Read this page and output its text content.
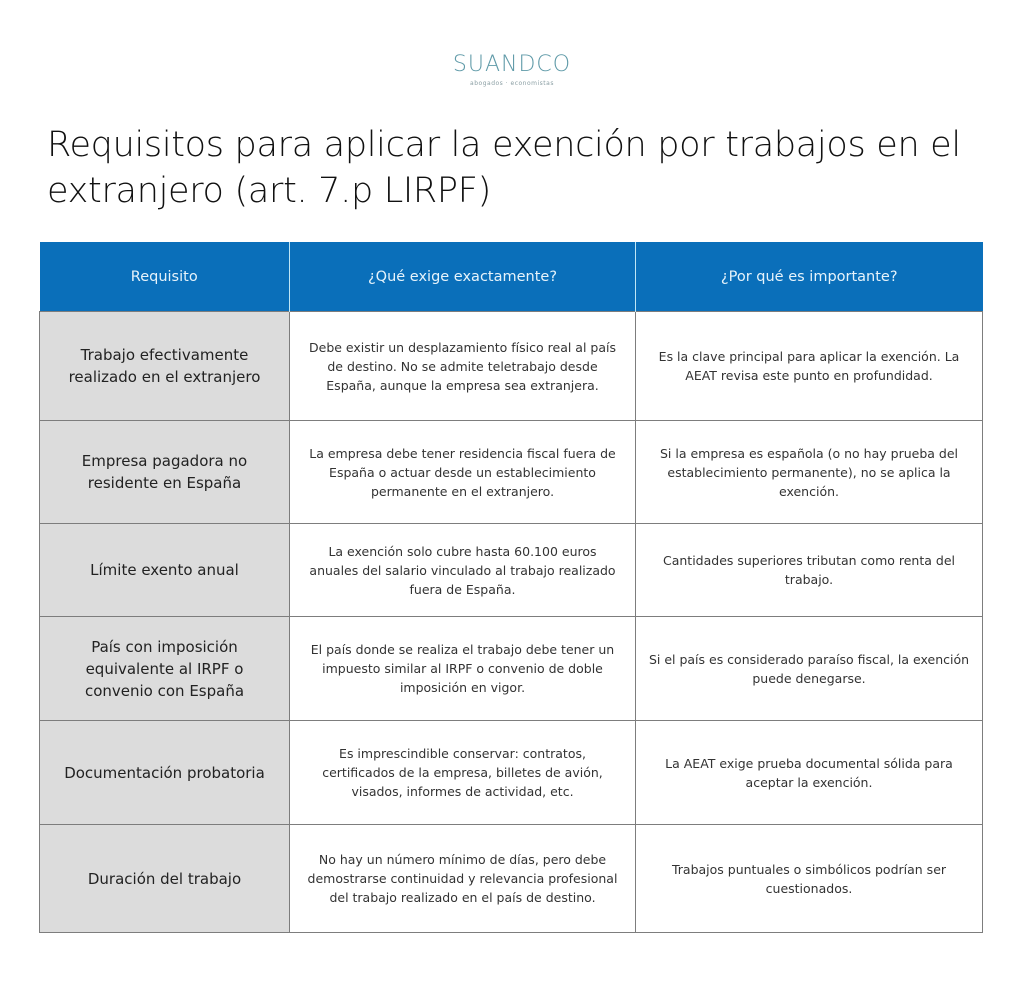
SUANDCO
abogados · economistas
Requisitos para aplicar la exención por trabajos en el extranjero (art. 7.p LIRPF)
Requisito	¿Qué exige exactamente?	¿Por qué es importante?
Trabajo efectivamente realizado en el extranjero	Debe existir un desplazamiento físico real al país de destino. No se admite teletrabajo desde España, aunque la empresa sea extranjera.	Es la clave principal para aplicar la exención. La AEAT revisa este punto en profundidad.
Empresa pagadora no residente en España	La empresa debe tener residencia fiscal fuera de España o actuar desde un establecimiento permanente en el extranjero.	Si la empresa es española (o no hay prueba del establecimiento permanente), no se aplica la exención.
Límite exento anual	La exención solo cubre hasta 60.100 euros anuales del salario vinculado al trabajo realizado fuera de España.	Cantidades superiores tributan como renta del trabajo.
País con imposición equivalente al IRPF o convenio con España	El país donde se realiza el trabajo debe tener un impuesto similar al IRPF o convenio de doble imposición en vigor.	Si el país es considerado paraíso fiscal, la exención puede denegarse.
Documentación probatoria	Es imprescindible conservar: contratos, certificados de la empresa, billetes de avión, visados, informes de actividad, etc.	La AEAT exige prueba documental sólida para aceptar la exención.
Duración del trabajo	No hay un número mínimo de días, pero debe demostrarse continuidad y relevancia profesional del trabajo realizado en el país de destino.	Trabajos puntuales o simbólicos podrían ser cuestionados.
